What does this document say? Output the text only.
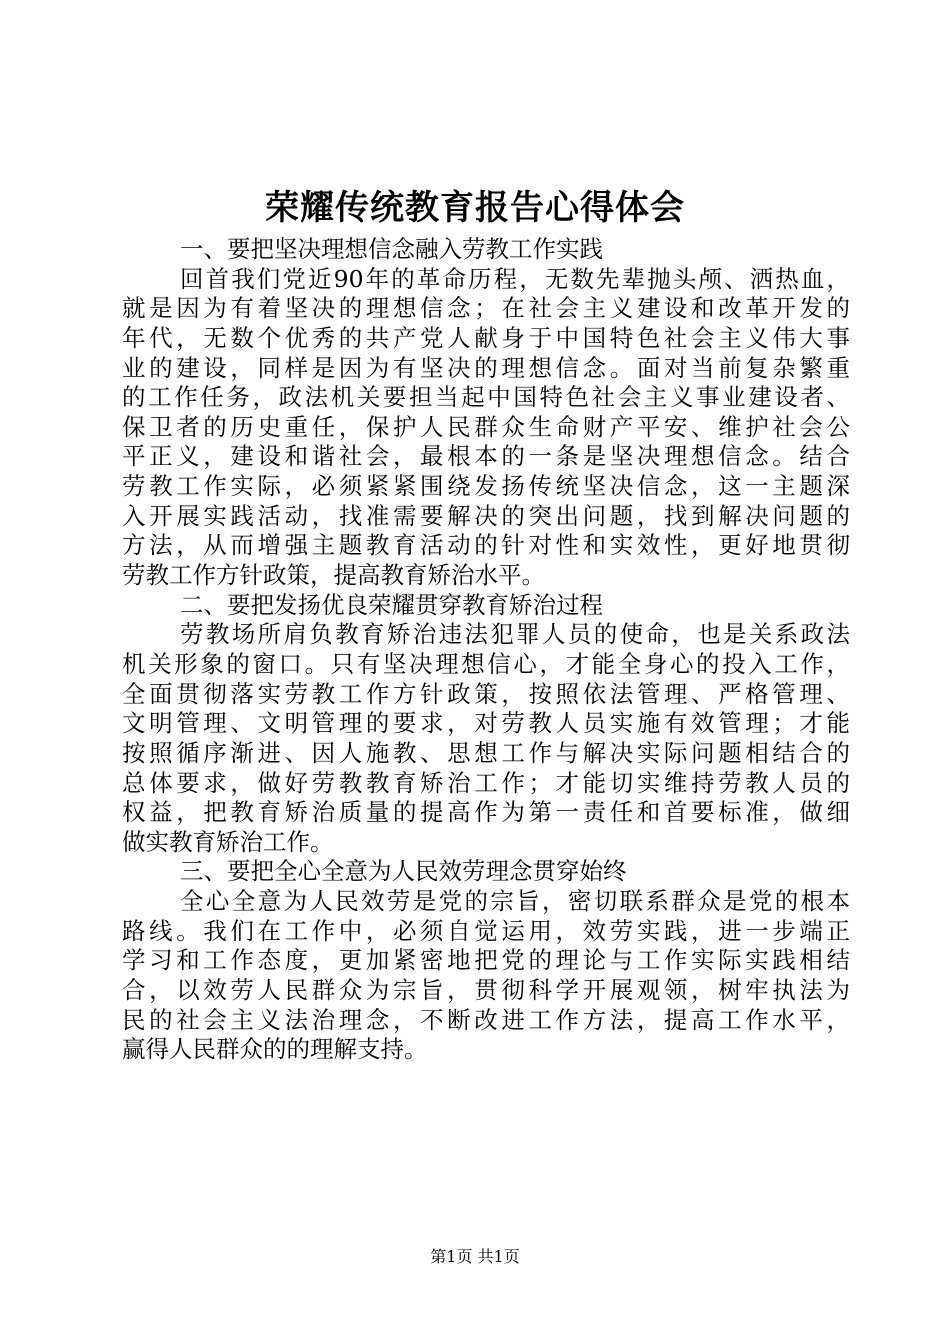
荣耀传统教育报告心得体会
一、要把坚决理想信念融入劳教工作实践
回首我们党近90年的革命历程，无数先辈抛头颅、洒热血，
就是因为有着坚决的理想信念；在社会主义建设和改革开发的
年代，无数个优秀的共产党人献身于中国特色社会主义伟大事
业的建设，同样是因为有坚决的理想信念。面对当前复杂繁重
的工作任务，政法机关要担当起中国特色社会主义事业建设者、
保卫者的历史重任，保护人民群众生命财产平安、维护社会公
平正义，建设和谐社会，最根本的一条是坚决理想信念。结合
劳教工作实际，必须紧紧围绕发扬传统坚决信念，这一主题深
入开展实践活动，找准需要解决的突出问题，找到解决问题的
方法，从而增强主题教育活动的针对性和实效性，更好地贯彻
劳教工作方针政策，提高教育矫治水平。
二、要把发扬优良荣耀贯穿教育矫治过程
劳教场所肩负教育矫治违法犯罪人员的使命，也是关系政法
机关形象的窗口。只有坚决理想信心，才能全身心的投入工作，
全面贯彻落实劳教工作方针政策，按照依法管理、严格管理、
文明管理、文明管理的要求，对劳教人员实施有效管理；才能
按照循序渐进、因人施教、思想工作与解决实际问题相结合的
总体要求，做好劳教教育矫治工作；才能切实维持劳教人员的
权益，把教育矫治质量的提高作为第一责任和首要标准，做细
做实教育矫治工作。
三、要把全心全意为人民效劳理念贯穿始终
全心全意为人民效劳是党的宗旨，密切联系群众是党的根本
路线。我们在工作中，必须自觉运用，效劳实践，进一步端正
学习和工作态度，更加紧密地把党的理论与工作实际实践相结
合，以效劳人民群众为宗旨，贯彻科学开展观领，树牢执法为
民的社会主义法治理念，不断改进工作方法，提高工作水平，
赢得人民群众的的理解支持。
第1页 共1页
